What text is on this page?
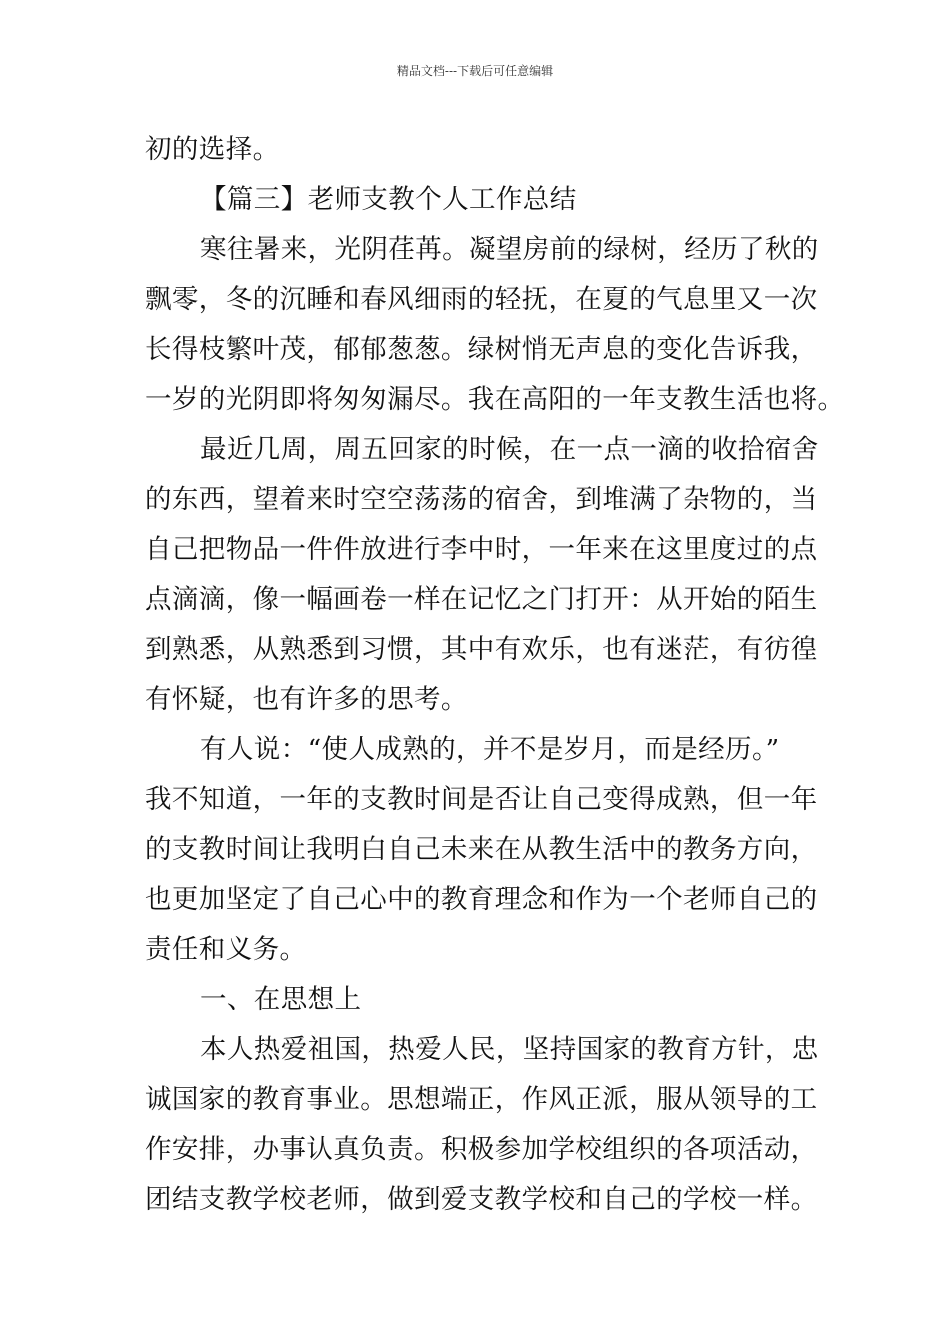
精品文档---下载后可任意编辑
初的选择。
【篇三】老师支教个人工作总结
寒往暑来，光阴荏苒。凝望房前的绿树，经历了秋的
飘零，冬的沉睡和春风细雨的轻抚，在夏的气息里又一次
长得枝繁叶茂，郁郁葱葱。绿树悄无声息的变化告诉我，
一岁的光阴即将匆匆漏尽。我在高阳的一年支教生活也将。
最近几周，周五回家的时候，在一点一滴的收拾宿舍
的东西，望着来时空空荡荡的宿舍，到堆满了杂物的，当
自己把物品一件件放进行李中时，一年来在这里度过的点
点滴滴，像一幅画卷一样在记忆之门打开：从开始的陌生
到熟悉，从熟悉到习惯，其中有欢乐，也有迷茫，有彷徨
有怀疑，也有许多的思考。
有人说：“使人成熟的，并不是岁月，而是经历。”
我不知道，一年的支教时间是否让自己变得成熟，但一年
的支教时间让我明白自己未来在从教生活中的教务方向，
也更加坚定了自己心中的教育理念和作为一个老师自己的
责任和义务。
一、在思想上
本人热爱祖国，热爱人民，坚持国家的教育方针，忠
诚国家的教育事业。思想端正，作风正派，服从领导的工
作安排，办事认真负责。积极参加学校组织的各项活动，
团结支教学校老师，做到爱支教学校和自己的学校一样。
